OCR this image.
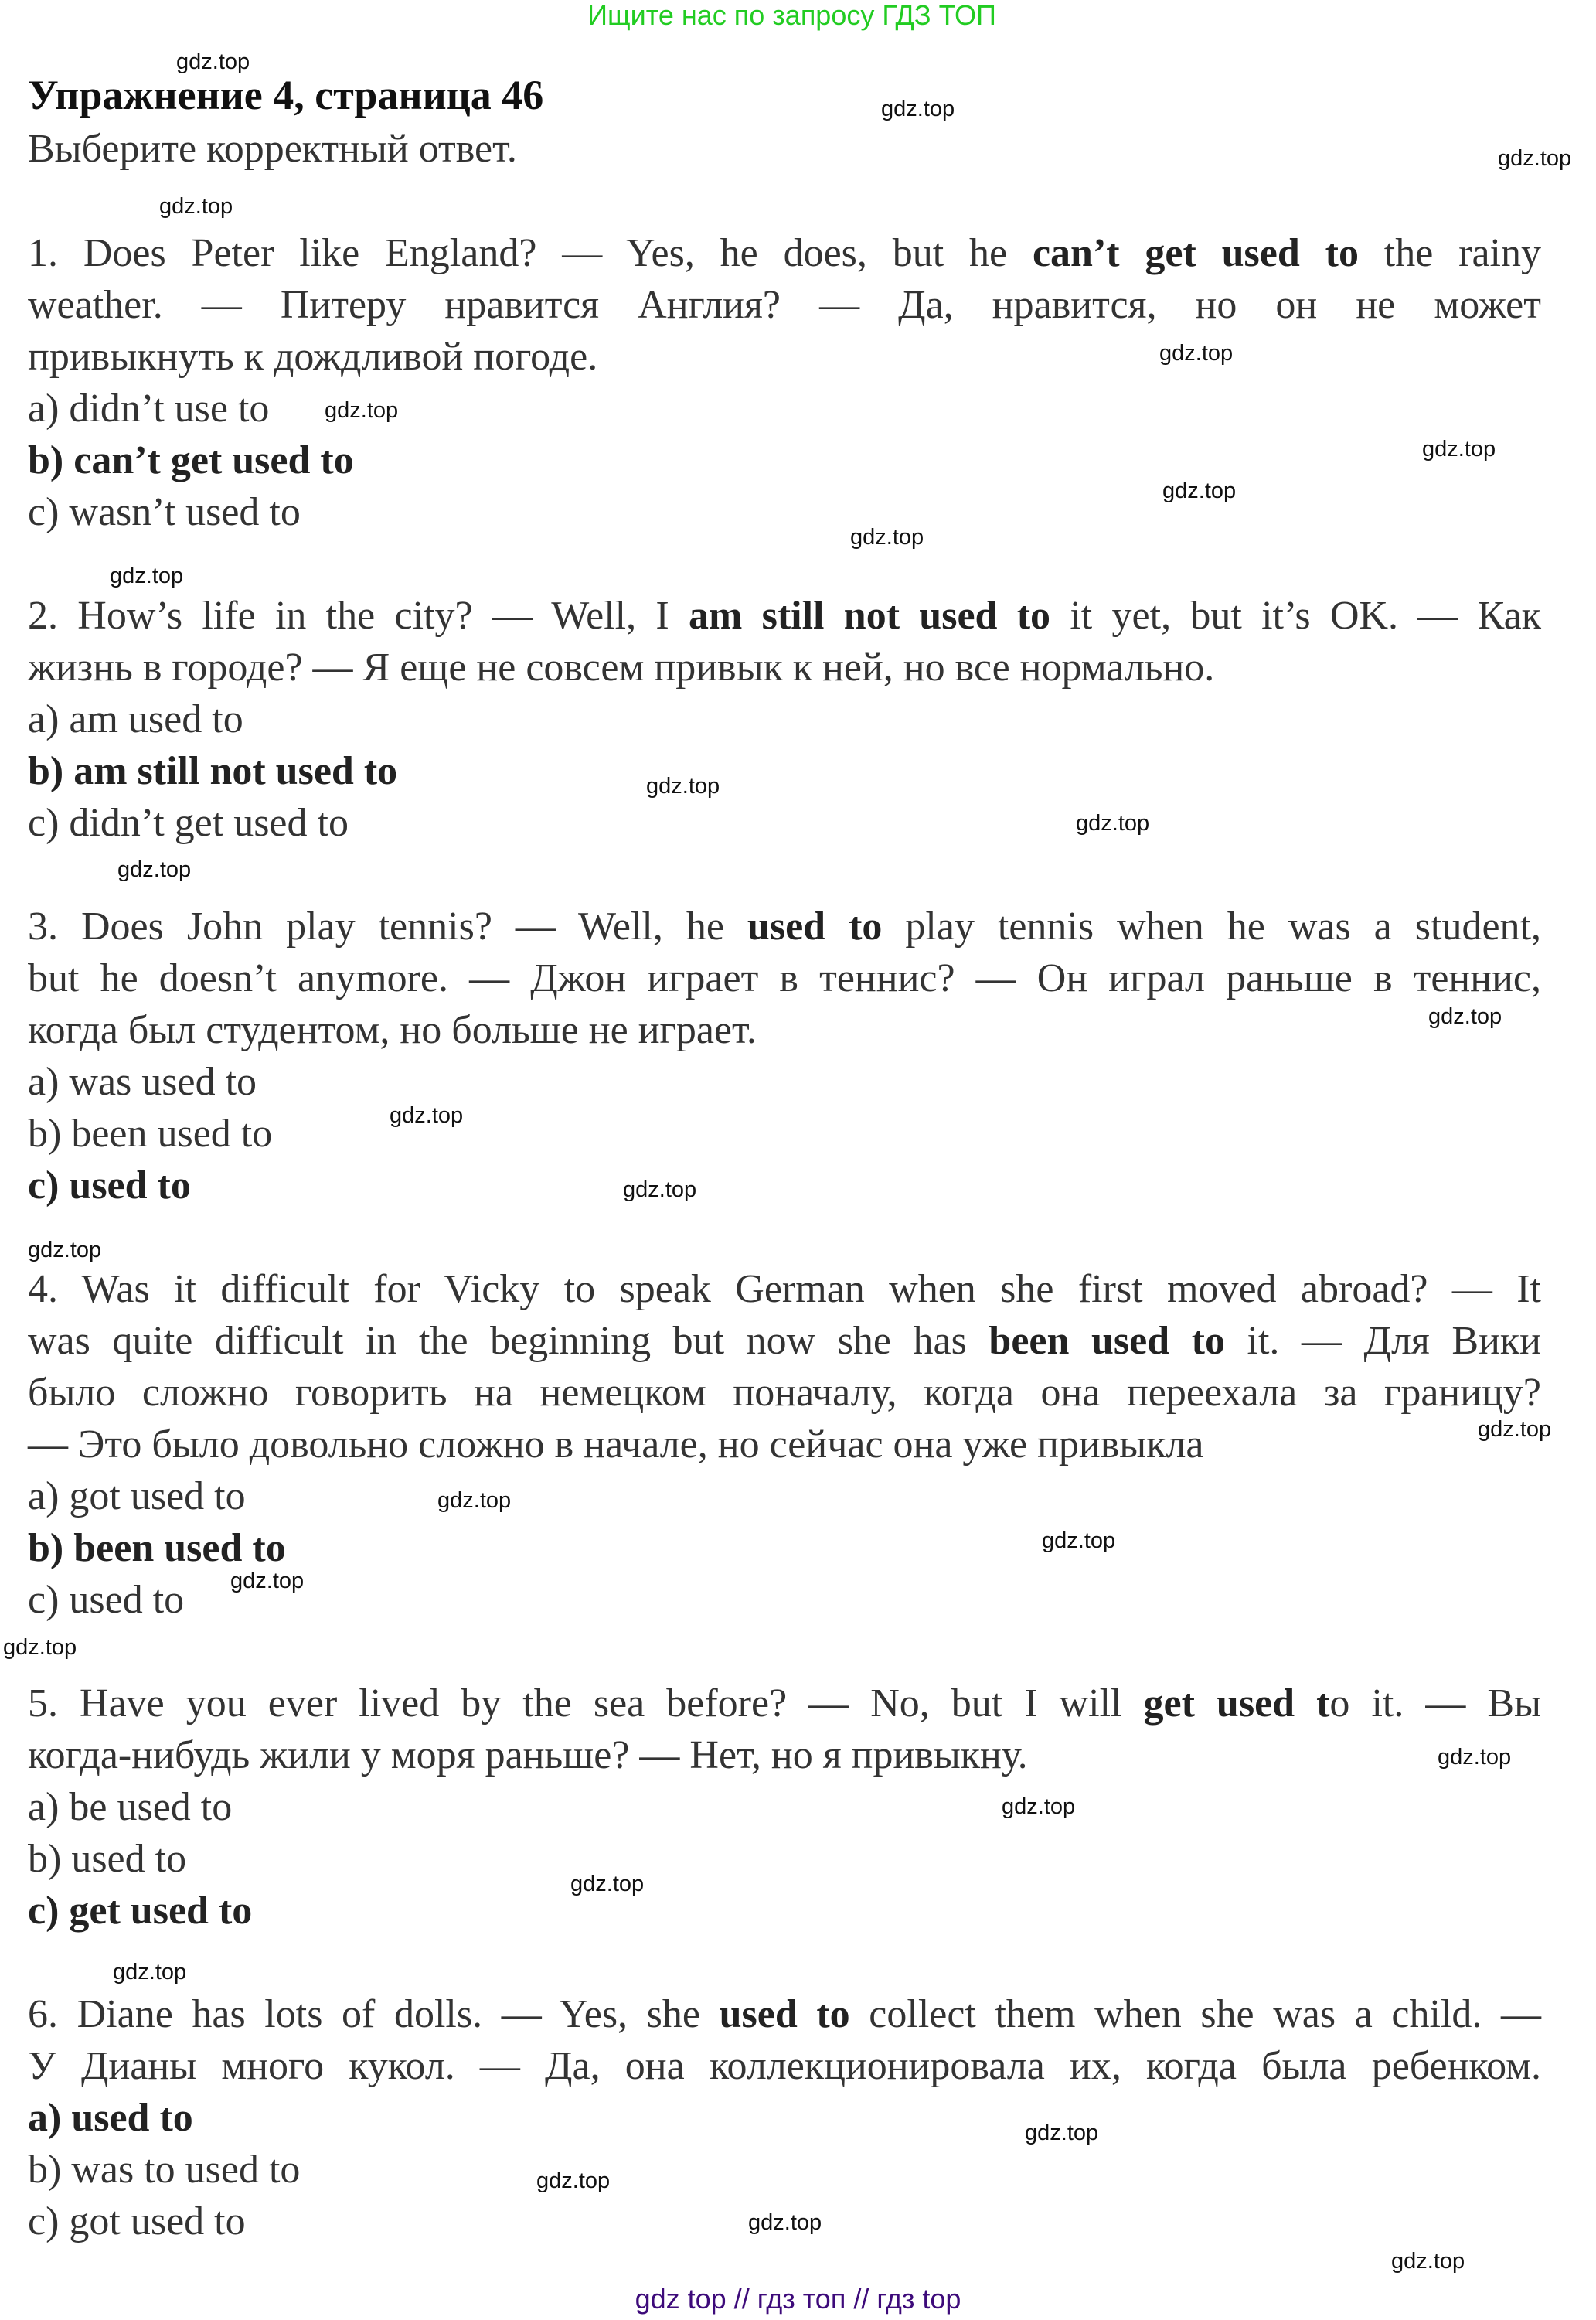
Ищите нас по запросу ГДЗ ТОП
Упражнение 4, страница 46
Выберите корректный ответ.
1. Does Peter like England? — Yes, he does, but he can’t get used to the rainy
weather. — Питеру нравится Англия? — Да, нравится, но он не может
привыкнуть к дождливой погоде.
a) didn’t use to
b) can’t get used to
c) wasn’t used to
2. How’s life in the city? — Well, I am still not used to it yet, but it’s OK. — Как
жизнь в городе? — Я еще не совсем привык к ней, но все нормально.
a) am used to
b) am still not used to
c) didn’t get used to
3. Does John play tennis? — Well, he used to play tennis when he was a student,
but he doesn’t anymore. — Джон играет в теннис? — Он играл раньше в теннис,
когда был студентом, но больше не играет.
a) was used to
b) been used to
c) used to
4. Was it difficult for Vicky to speak German when she first moved abroad? — It
was quite difficult in the beginning but now she has been used to it. — Для Вики
было сложно говорить на немецком поначалу, когда она переехала за границу?
— Это было довольно сложно в начале, но сейчас она уже привыкла
a) got used to
b) been used to
c) used to
5. Have you ever lived by the sea before? — No, but I will get used to it. — Вы
когда-нибудь жили у моря раньше? — Нет, но я привыкну.
a) be used to
b) used to
c) get used to
6. Diane has lots of dolls. — Yes, she used to collect them when she was a child. —
У Дианы много кукол. — Да, она коллекционировала их, когда была ребенком.
a) used to
b) was to used to
c) got used to
gdz.top
gdz.top
gdz.top
gdz.top
gdz.top
gdz.top
gdz.top
gdz.top
gdz.top
gdz.top
gdz.top
gdz.top
gdz.top
gdz.top
gdz.top
gdz.top
gdz.top
gdz.top
gdz.top
gdz.top
gdz.top
gdz.top
gdz.top
gdz.top
gdz.top
gdz.top
gdz.top
gdz.top
gdz.top
gdz.top
gdz top // гдз топ // гдз top
